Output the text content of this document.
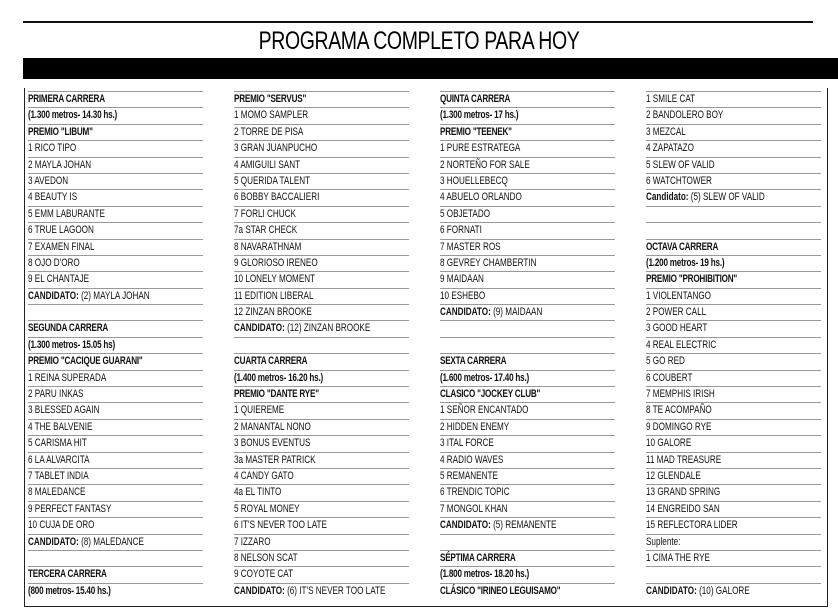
PROGRAMA COMPLETO PARA HOY
PRIMERA CARRERA
(1.300 metros- 14.30 hs.)
PREMIO "LIBUM"
1 RICO TIPO
2 MAYLA JOHAN
3 AVEDON
4 BEAUTY IS
5 EMM LABURANTE
6 TRUE LAGOON
7 EXAMEN FINAL
8 OJO D'ORO
9 EL CHANTAJE
CANDIDATO: (2) MAYLA JOHAN
SEGUNDA CARRERA
(1.300 metros- 15.05 hs)
PREMIO "CACIQUE GUARANI"
1 REINA SUPERADA
2 PARU INKAS
3 BLESSED AGAIN
4 THE BALVENIE
5 CARISMA HIT
6 LA ALVARCITA
7 TABLET INDIA
8 MALEDANCE
9 PERFECT FANTASY
10 CUJA DE ORO
CANDIDATO: (8) MALEDANCE
TERCERA CARRERA
(800 metros- 15.40 hs.)
PREMIO "SERVUS"
1 MOMO SAMPLER
2 TORRE DE PISA
3 GRAN JUANPUCHO
4 AMIGUILI SANT
5 QUERIDA TALENT
6 BOBBY BACCALIERI
7 FORLI CHUCK
7a STAR CHECK
8 NAVARATHNAM
9 GLORIOSO IRENEO
10 LONELY MOMENT
11 EDITION LIBERAL
12 ZINZAN BROOKE
CANDIDATO: (12) ZINZAN BROOKE
CUARTA CARRERA
(1.400 metros- 16.20 hs.)
PREMIO "DANTE RYE"
1 QUIEREME
2 MANANTAL NONO
3 BONUS EVENTUS
3a MASTER PATRICK
4 CANDY GATO
4a EL TINTO
5 ROYAL MONEY
6 IT'S NEVER TOO LATE
7 IZZARO
8 NELSON SCAT
9 COYOTE CAT
CANDIDATO: (6) IT'S NEVER TOO LATE
QUINTA CARRERA
(1.300 metros- 17 hs.)
PREMIO "TEENEK"
1 PURE ESTRATEGA
2 NORTEÑO FOR SALE
3 HOUELLEBECQ
4 ABUELO ORLANDO
5 OBJETADO
6 FORNATI
7 MASTER ROS
8 GEVREY CHAMBERTIN
9 MAIDAAN
10 ESHEBO
CANDIDATO: (9) MAIDAAN
SEXTA CARRERA
(1.600 metros- 17.40 hs.)
CLASICO "JOCKEY CLUB"
1 SEÑOR ENCANTADO
2 HIDDEN ENEMY
3 ITAL FORCE
4 RADIO WAVES
5 REMANENTE
6 TRENDIC TOPIC
7 MONGOL KHAN
CANDIDATO: (5) REMANENTE
SÉPTIMA CARRERA
(1.800 metros- 18.20 hs.)
CLÁSICO "IRINEO LEGUISAMO"
1 SMILE CAT
2 BANDOLERO BOY
3 MEZCAL
4 ZAPATAZO
5 SLEW OF VALID
6 WATCHTOWER
Candidato: (5) SLEW OF VALID
OCTAVA CARRERA
(1.200 metros- 19 hs.)
PREMIO "PROHIBITION"
1 VIOLENTANGO
2 POWER CALL
3 GOOD HEART
4 REAL ELECTRIC
5 GO RED
6 COUBERT
7 MEMPHIS IRISH
8 TE ACOMPAÑO
9 DOMINGO RYE
10 GALORE
11 MAD TREASURE
12 GLENDALE
13 GRAND SPRING
14 ENGREIDO SAN
15 REFLECTORA LIDER
Suplente:
1 CIMA THE RYE
CANDIDATO: (10) GALORE
